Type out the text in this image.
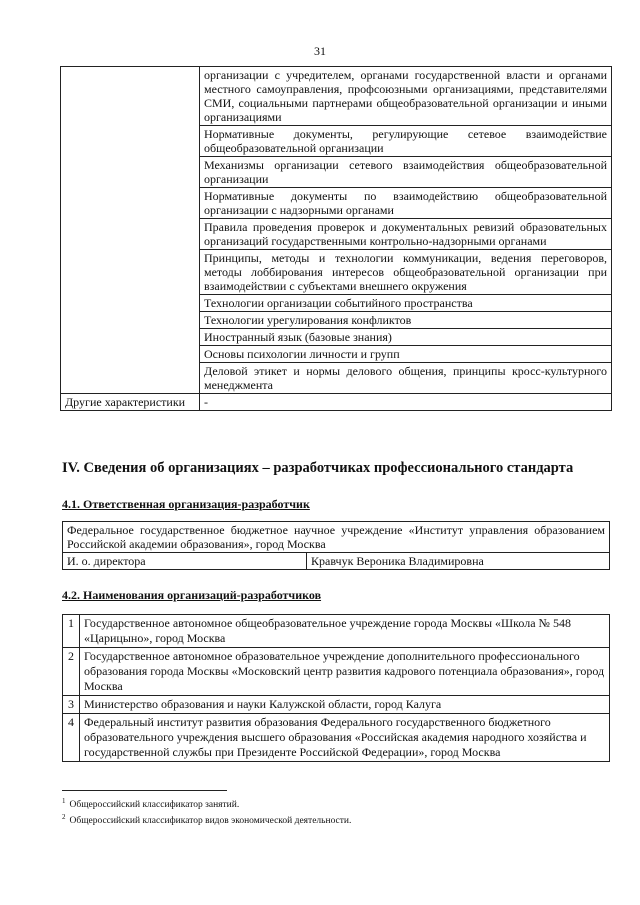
31
	организации с учредителем, органами государственной власти и органами местного самоуправления, профсоюзными организациями, представителями СМИ, социальными партнерами общеобразовательной организации и иными организациями
	Нормативные документы, регулирующие сетевое взаимодействие общеобразовательной организации
	Механизмы организации сетевого взаимодействия общеобразовательной организации
	Нормативные документы по взаимодействию общеобразовательной организации с надзорными органами
	Правила проведения проверок и документальных ревизий образовательных организаций государственными контрольно-надзорными органами
	Принципы, методы и технологии коммуникации, ведения переговоров, методы лоббирования интересов общеобразовательной организации при взаимодействии с субъектами внешнего окружения
	Технологии организации событийного пространства
	Технологии урегулирования конфликтов
	Иностранный язык (базовые знания)
	Основы психологии личности и групп
	Деловой этикет и нормы делового общения, принципы кросс-культурного менеджмента
Другие характеристики	-
IV. Сведения об организациях – разработчиках профессионального стандарта
4.1. Ответственная организация-разработчик
Федеральное государственное бюджетное научное учреждение «Институт управления образованием Российской академии образования», город Москва
И. о. директора	Кравчук Вероника Владимировна
4.2. Наименования организаций-разработчиков
1	Государственное автономное общеобразовательное учреждение города Москвы «Школа № 548 «Царицыно», город Москва
2	Государственное автономное образовательное учреждение дополнительного профессионального образования города Москвы «Московский центр развития кадрового потенциала образования», город Москва
3	Министерство образования и науки Калужской области, город Калуга
4	Федеральный институт развития образования Федерального государственного бюджетного образовательного учреждения высшего образования «Российская академия народного хозяйства и государственной службы при Президенте Российской Федерации», город Москва
$^1$ Общероссийский классификатор занятий.
$^2$ Общероссийский классификатор видов экономической деятельности.
